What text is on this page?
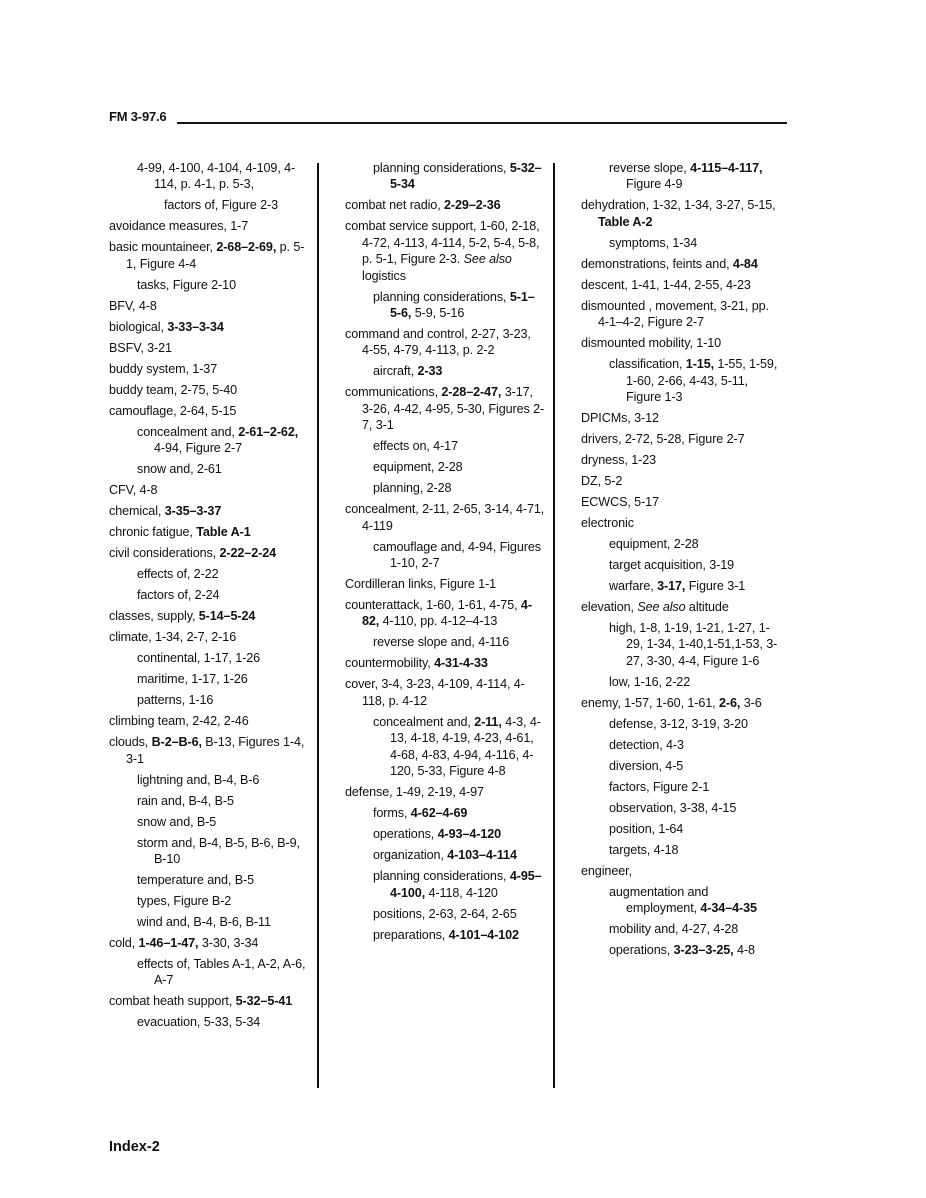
FM 3-97.6
4-99, 4-100, 4-104, 4-109, 4-114, p. 4-1, p. 5-3,
factors of, Figure 2-3
avoidance measures, 1-7
basic mountaineer, 2-68–2-69, p. 5-1, Figure 4-4
tasks, Figure 2-10
BFV, 4-8
biological, 3-33–3-34
BSFV, 3-21
buddy system, 1-37
buddy team, 2-75, 5-40
camouflage, 2-64, 5-15
concealment and, 2-61–2-62, 4-94, Figure 2-7
snow and, 2-61
CFV, 4-8
chemical, 3-35–3-37
chronic fatigue, Table A-1
civil considerations, 2-22–2-24
effects of, 2-22
factors of, 2-24
classes, supply, 5-14–5-24
climate, 1-34, 2-7, 2-16
continental, 1-17, 1-26
maritime, 1-17, 1-26
patterns, 1-16
climbing team, 2-42, 2-46
clouds, B-2–B-6, B-13, Figures 1-4, 3-1
lightning and, B-4, B-6
rain and, B-4, B-5
snow and, B-5
storm and, B-4, B-5, B-6, B-9, B-10
temperature and, B-5
types, Figure B-2
wind and, B-4, B-6, B-11
cold, 1-46–1-47, 3-30, 3-34
effects of, Tables A-1, A-2, A-6, A-7
combat heath support, 5-32–5-41
evacuation, 5-33, 5-34
planning considerations, 5-32–5-34
combat net radio, 2-29–2-36
combat service support, 1-60, 2-18, 4-72, 4-113, 4-114, 5-2, 5-4, 5-8, p. 5-1, Figure 2-3. See also logistics
planning considerations, 5-1–5-6, 5-9, 5-16
command and control, 2-27, 3-23, 4-55, 4-79, 4-113, p. 2-2
aircraft, 2-33
communications, 2-28–2-47, 3-17, 3-26, 4-42, 4-95, 5-30, Figures 2-7, 3-1
effects on, 4-17
equipment, 2-28
planning, 2-28
concealment, 2-11, 2-65, 3-14, 4-71, 4-119
camouflage and, 4-94, Figures 1-10, 2-7
Cordilleran links, Figure 1-1
counterattack, 1-60, 1-61, 4-75, 4-82, 4-110, pp. 4-12–4-13
reverse slope and, 4-116
countermobility, 4-31-4-33
cover, 3-4, 3-23, 4-109, 4-114, 4-118, p. 4-12
concealment and, 2-11, 4-3, 4-13, 4-18, 4-19, 4-23, 4-61, 4-68, 4-83, 4-94, 4-116, 4-120, 5-33, Figure 4-8
defense, 1-49, 2-19, 4-97
forms, 4-62–4-69
operations, 4-93–4-120
organization, 4-103–4-114
planning considerations, 4-95–4-100, 4-118, 4-120
positions, 2-63, 2-64, 2-65
preparations, 4-101–4-102
reverse slope, 4-115–4-117, Figure 4-9
dehydration, 1-32, 1-34, 3-27, 5-15, Table A-2
symptoms, 1-34
demonstrations, feints and, 4-84
descent, 1-41, 1-44, 2-55, 4-23
dismounted , movement, 3-21, pp. 4-1–4-2, Figure 2-7
dismounted mobility, 1-10
classification, 1-15, 1-55, 1-59, 1-60, 2-66, 4-43, 5-11, Figure 1-3
DPICMs, 3-12
drivers, 2-72, 5-28, Figure 2-7
dryness, 1-23
DZ, 5-2
ECWCS, 5-17
electronic
equipment, 2-28
target acquisition, 3-19
warfare, 3-17, Figure 3-1
elevation, See also altitude
high, 1-8, 1-19, 1-21, 1-27, 1-29, 1-34, 1-40,1-51,1-53, 3-27, 3-30, 4-4, Figure 1-6
low, 1-16, 2-22
enemy, 1-57, 1-60, 1-61, 2-6, 3-6
defense, 3-12, 3-19, 3-20
detection, 4-3
diversion, 4-5
factors, Figure 2-1
observation, 3-38, 4-15
position, 1-64
targets, 4-18
engineer,
augmentation and employment, 4-34–4-35
mobility and, 4-27, 4-28
operations, 3-23–3-25, 4-8
Index-2
